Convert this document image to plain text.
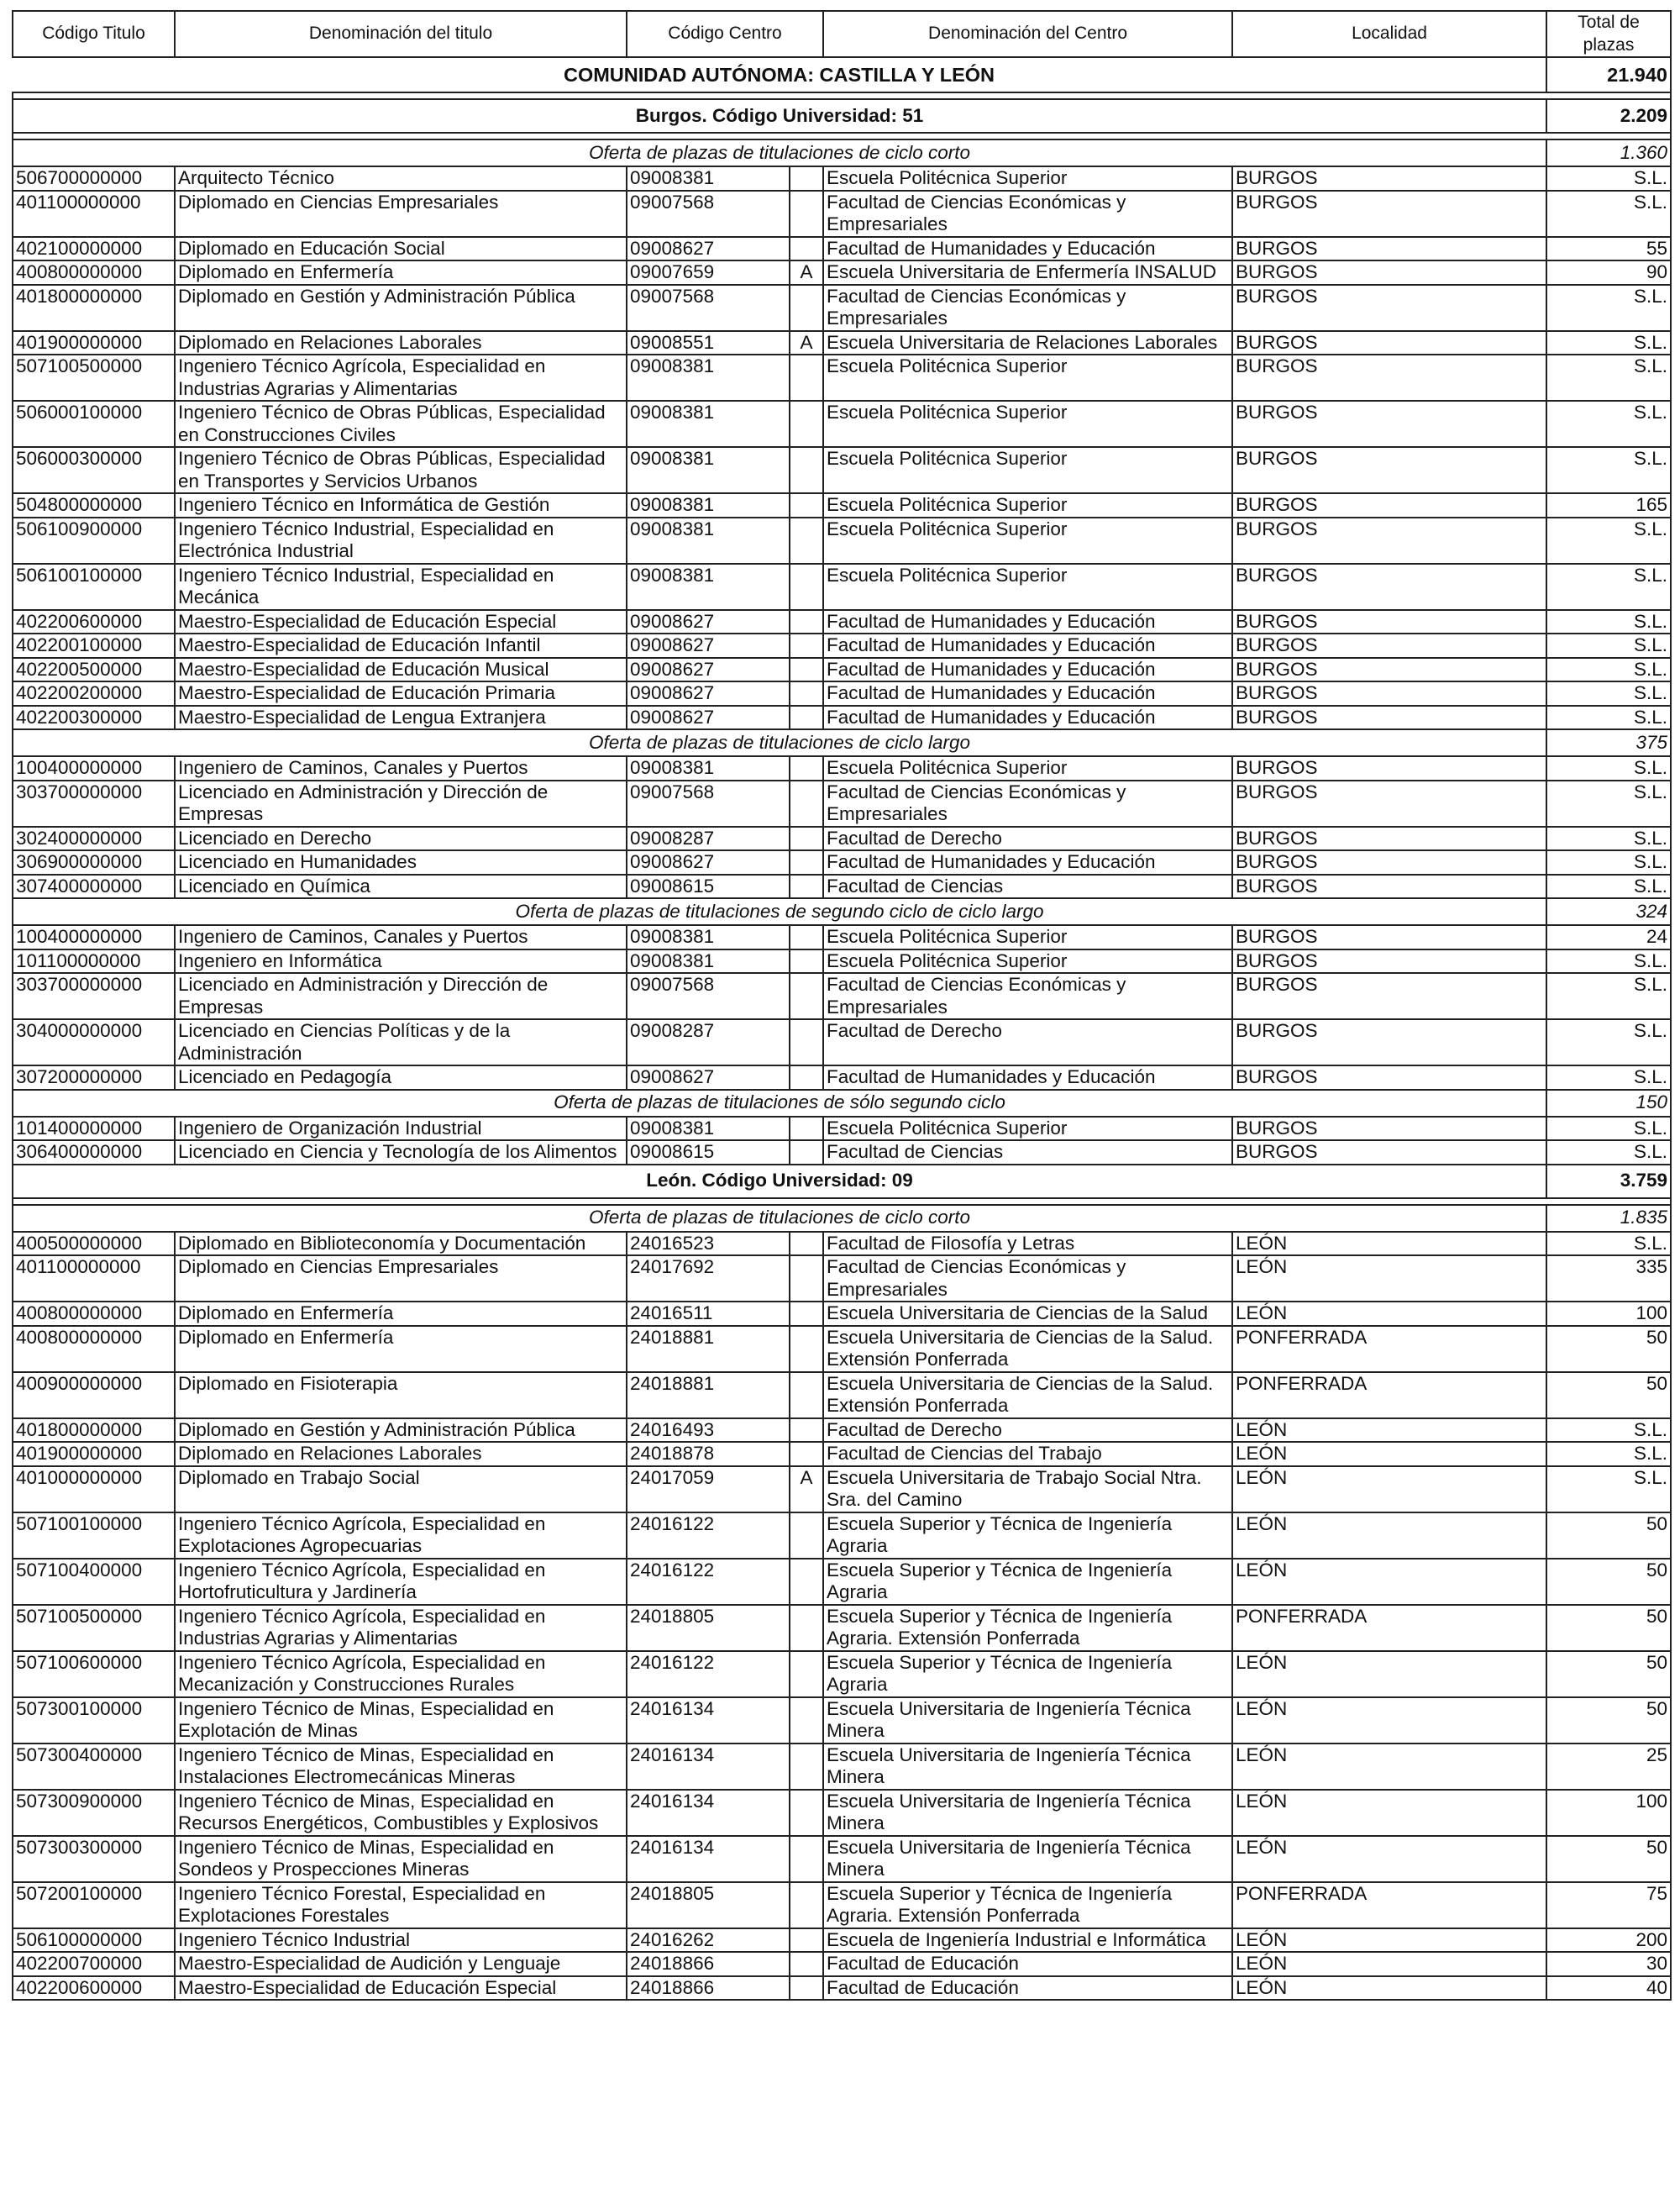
Código Titulo	Denominación del titulo	Código Centro		Denominación del Centro	Localidad	Total de plazas
COMUNIDAD AUTÓNOMA: CASTILLA Y LEÓN						21.940

Burgos. Código Universidad: 51						2.209

Oferta de plazas de titulaciones de ciclo corto						1.360
506700000000	Arquitecto Técnico	09008381		Escuela Politécnica Superior	BURGOS	S.L.
401100000000	Diplomado en Ciencias Empresariales	09007568		Facultad de Ciencias Económicas y Empresariales	BURGOS	S.L.
402100000000	Diplomado en Educación Social	09008627		Facultad de Humanidades y Educación	BURGOS	55
400800000000	Diplomado en Enfermería	09007659	A	Escuela Universitaria de Enfermería INSALUD	BURGOS	90
401800000000	Diplomado en Gestión y Administración Pública	09007568		Facultad de Ciencias Económicas y Empresariales	BURGOS	S.L.
401900000000	Diplomado en Relaciones Laborales	09008551	A	Escuela Universitaria de Relaciones Laborales	BURGOS	S.L.
507100500000	Ingeniero Técnico Agrícola, Especialidad en Industrias Agrarias y Alimentarias	09008381		Escuela Politécnica Superior	BURGOS	S.L.
506000100000	Ingeniero Técnico de Obras Públicas, Especialidad en Construcciones Civiles	09008381		Escuela Politécnica Superior	BURGOS	S.L.
506000300000	Ingeniero Técnico de Obras Públicas, Especialidad en Transportes y Servicios Urbanos	09008381		Escuela Politécnica Superior	BURGOS	S.L.
504800000000	Ingeniero Técnico en Informática de Gestión	09008381		Escuela Politécnica Superior	BURGOS	165
506100900000	Ingeniero Técnico Industrial, Especialidad en Electrónica Industrial	09008381		Escuela Politécnica Superior	BURGOS	S.L.
506100100000	Ingeniero Técnico Industrial, Especialidad en Mecánica	09008381		Escuela Politécnica Superior	BURGOS	S.L.
402200600000	Maestro-Especialidad de Educación Especial	09008627		Facultad de Humanidades y Educación	BURGOS	S.L.
402200100000	Maestro-Especialidad de Educación Infantil	09008627		Facultad de Humanidades y Educación	BURGOS	S.L.
402200500000	Maestro-Especialidad de Educación Musical	09008627		Facultad de Humanidades y Educación	BURGOS	S.L.
402200200000	Maestro-Especialidad de Educación Primaria	09008627		Facultad de Humanidades y Educación	BURGOS	S.L.
402200300000	Maestro-Especialidad de Lengua Extranjera	09008627		Facultad de Humanidades y Educación	BURGOS	S.L.
Oferta de plazas de titulaciones de ciclo largo						375
100400000000	Ingeniero de Caminos, Canales y Puertos	09008381		Escuela Politécnica Superior	BURGOS	S.L.
303700000000	Licenciado en Administración y Dirección de Empresas	09007568		Facultad de Ciencias Económicas y Empresariales	BURGOS	S.L.
302400000000	Licenciado en Derecho	09008287		Facultad de Derecho	BURGOS	S.L.
306900000000	Licenciado en Humanidades	09008627		Facultad de Humanidades y Educación	BURGOS	S.L.
307400000000	Licenciado en Química	09008615		Facultad de Ciencias	BURGOS	S.L.
Oferta de plazas de titulaciones de segundo ciclo de ciclo largo						324
100400000000	Ingeniero de Caminos, Canales y Puertos	09008381		Escuela Politécnica Superior	BURGOS	24
101100000000	Ingeniero en Informática	09008381		Escuela Politécnica Superior	BURGOS	S.L.
303700000000	Licenciado en Administración y Dirección de Empresas	09007568		Facultad de Ciencias Económicas y Empresariales	BURGOS	S.L.
304000000000	Licenciado en Ciencias Políticas y de la Administración	09008287		Facultad de Derecho	BURGOS	S.L.
307200000000	Licenciado en Pedagogía	09008627		Facultad de Humanidades y Educación	BURGOS	S.L.
Oferta de plazas de titulaciones de sólo segundo ciclo						150
101400000000	Ingeniero de Organización Industrial	09008381		Escuela Politécnica Superior	BURGOS	S.L.
306400000000	Licenciado en Ciencia y Tecnología de los Alimentos	09008615		Facultad de Ciencias	BURGOS	S.L.
León. Código Universidad: 09						3.759

Oferta de plazas de titulaciones de ciclo corto						1.835
400500000000	Diplomado en Biblioteconomía y Documentación	24016523		Facultad de Filosofía y Letras	LEÓN	S.L.
401100000000	Diplomado en Ciencias Empresariales	24017692		Facultad de Ciencias Económicas y Empresariales	LEÓN	335
400800000000	Diplomado en Enfermería	24016511		Escuela Universitaria de Ciencias de la Salud	LEÓN	100
400800000000	Diplomado en Enfermería	24018881		Escuela Universitaria de Ciencias de la Salud. Extensión Ponferrada	PONFERRADA	50
400900000000	Diplomado en Fisioterapia	24018881		Escuela Universitaria de Ciencias de la Salud. Extensión Ponferrada	PONFERRADA	50
401800000000	Diplomado en Gestión y Administración Pública	24016493		Facultad de Derecho	LEÓN	S.L.
401900000000	Diplomado en Relaciones Laborales	24018878		Facultad de Ciencias del Trabajo	LEÓN	S.L.
401000000000	Diplomado en Trabajo Social	24017059	A	Escuela Universitaria de Trabajo Social Ntra. Sra. del Camino	LEÓN	S.L.
507100100000	Ingeniero Técnico Agrícola, Especialidad en Explotaciones Agropecuarias	24016122		Escuela Superior y Técnica de Ingeniería Agraria	LEÓN	50
507100400000	Ingeniero Técnico Agrícola, Especialidad en Hortofruticultura y Jardinería	24016122		Escuela Superior y Técnica de Ingeniería Agraria	LEÓN	50
507100500000	Ingeniero Técnico Agrícola, Especialidad en Industrias Agrarias y Alimentarias	24018805		Escuela Superior y Técnica de Ingeniería Agraria. Extensión Ponferrada	PONFERRADA	50
507100600000	Ingeniero Técnico Agrícola, Especialidad en Mecanización y Construcciones Rurales	24016122		Escuela Superior y Técnica de Ingeniería Agraria	LEÓN	50
507300100000	Ingeniero Técnico de Minas, Especialidad en Explotación de Minas	24016134		Escuela Universitaria de Ingeniería Técnica Minera	LEÓN	50
507300400000	Ingeniero Técnico de Minas, Especialidad en Instalaciones Electromecánicas Mineras	24016134		Escuela Universitaria de Ingeniería Técnica Minera	LEÓN	25
507300900000	Ingeniero Técnico de Minas, Especialidad en Recursos Energéticos, Combustibles y Explosivos	24016134		Escuela Universitaria de Ingeniería Técnica Minera	LEÓN	100
507300300000	Ingeniero Técnico de Minas, Especialidad en Sondeos y Prospecciones Mineras	24016134		Escuela Universitaria de Ingeniería Técnica Minera	LEÓN	50
507200100000	Ingeniero Técnico Forestal, Especialidad en Explotaciones Forestales	24018805		Escuela Superior y Técnica de Ingeniería Agraria. Extensión Ponferrada	PONFERRADA	75
506100000000	Ingeniero Técnico Industrial	24016262		Escuela de Ingeniería Industrial e Informática	LEÓN	200
402200700000	Maestro-Especialidad de Audición y Lenguaje	24018866		Facultad de Educación	LEÓN	30
402200600000	Maestro-Especialidad de Educación Especial	24018866		Facultad de Educación	LEÓN	40
